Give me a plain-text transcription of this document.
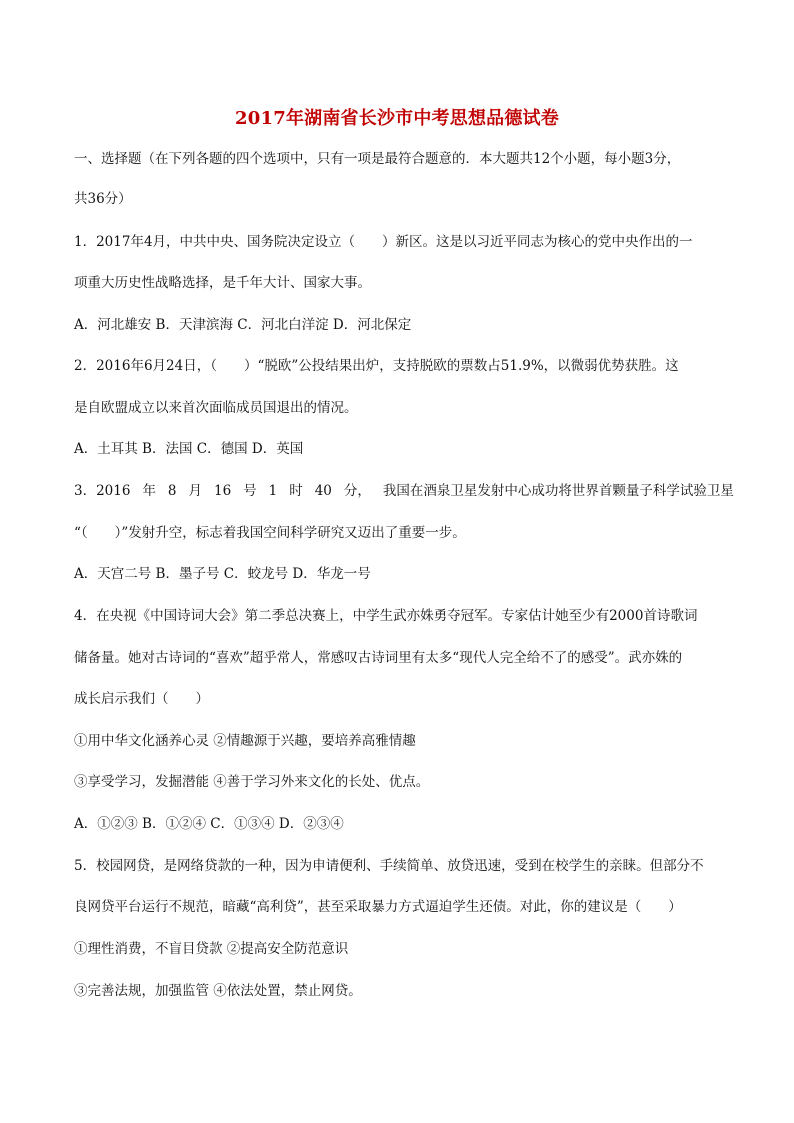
2017年湖南省长沙市中考思想品德试卷
一、选择题（在下列各题的四个选项中，只有一项是最符合题意的．本大题共12个小题，每小题3分，
共36分）
1．2017年4月，中共中央、国务院决定设立（　　）新区。这是以习近平同志为核心的党中央作出的一
项重大历史性战略选择，是千年大计、国家大事。
A．河北雄安 B．天津滨海 C．河北白洋淀 D．河北保定
2．2016年6月24日，（　　）“脱欧”公投结果出炉，支持脱欧的票数占51.9%，以微弱优势获胜。这
是自欧盟成立以来首次面临成员国退出的情况。
A．土耳其 B．法国 C．德国 D．英国
3．2016 年 8 月 16 号 1 时 40 分， 我国在酒泉卫星发射中心成功将世界首颗量子科学试验卫星
“（　　）”发射升空，标志着我国空间科学研究又迈出了重要一步。
A．天宫二号 B．墨子号 C．蛟龙号 D．华龙一号
4．在央视《中国诗词大会》第二季总决赛上，中学生武亦姝勇夺冠军。专家估计她至少有2000首诗歌词
储备量。她对古诗词的“喜欢”超乎常人，常感叹古诗词里有太多“现代人完全给不了的感受”。武亦姝的
成长启示我们（　　）
①用中华文化涵养心灵 ②情趣源于兴趣，要培养高雅情趣
③享受学习，发掘潜能 ④善于学习外来文化的长处、优点。
A．①②③ B．①②④ C．①③④ D．②③④
5．校园网贷，是网络贷款的一种，因为申请便利、手续简单、放贷迅速，受到在校学生的亲睐。但部分不
良网贷平台运行不规范，暗藏“高利贷”，甚至采取暴力方式逼迫学生还债。对此，你的建议是（　　）
①理性消费，不盲目贷款 ②提高安全防范意识
③完善法规，加强监管 ④依法处置，禁止网贷。
